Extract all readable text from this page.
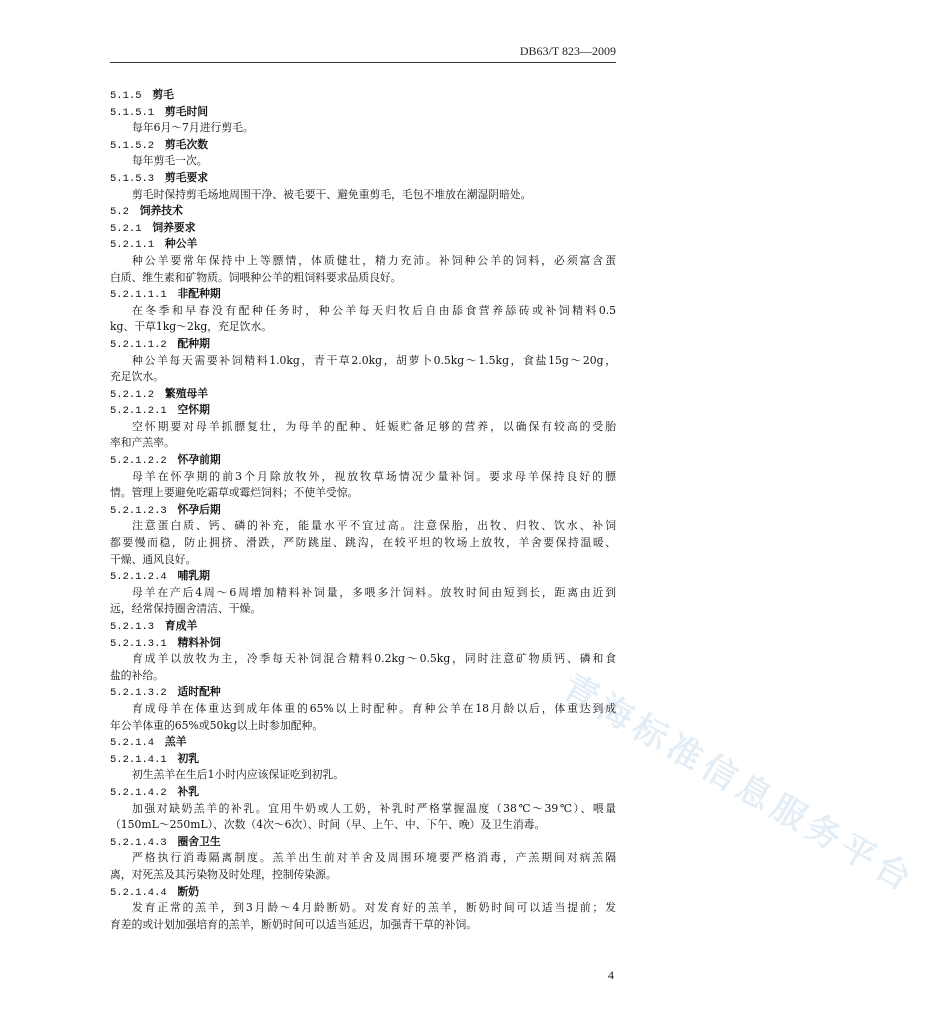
DB63/T 823—2009
青海标准信息服务平台
5.1.5　 剪毛
5.1.5.1　 剪毛时间
每年6月～7月进行剪毛。
5.1.5.2　 剪毛次数
每年剪毛一次。
5.1.5.3　 剪毛要求
剪毛时保持剪毛场地周围干净、被毛要干、避免重剪毛，毛包不堆放在潮湿阴暗处。
5.2　 饲养技术
5.2.1　 饲养要求
5.2.1.1　 种公羊
种公羊要常年保持中上等膘情，体质健壮，精力充沛。补饲种公羊的饲料，必须富含蛋
白质、维生素和矿物质。饲喂种公羊的粗饲料要求品质良好。
5.2.1.1.1　 非配种期
在冬季和早春没有配种任务时，种公羊每天归牧后自由舔食营养舔砖或补饲精料0.5
kg、干草1kg～2kg，充足饮水。
5.2.1.1.2　 配种期
种公羊每天需要补饲精料1.0kg，青干草2.0kg，胡萝卜0.5kg～1.5kg，食盐15g～20g，
充足饮水。
5.2.1.2　 繁殖母羊
5.2.1.2.1　 空怀期
空怀期要对母羊抓膘复壮，为母羊的配种、妊娠贮备足够的营养，以确保有较高的受胎
率和产羔率。
5.2.1.2.2　 怀孕前期
母羊在怀孕期的前3个月除放牧外，视放牧草场情况少量补饲。要求母羊保持良好的膘
情。管理上要避免吃霜草或霉烂饲料；不使羊受惊。
5.2.1.2.3　 怀孕后期
注意蛋白质、钙、磷的补充，能量水平不宜过高。注意保胎，出牧、归牧、饮水、补饲
都要慢而稳，防止拥挤、滑跌，严防跳崖、跳沟，在较平坦的牧场上放牧，羊舍要保持温暖、
干燥、通风良好。
5.2.1.2.4　 哺乳期
母羊在产后4周～6周增加精料补饲量，多喂多汁饲料。放牧时间由短到长，距离由近到
远，经常保持圈舍清洁、干燥。
5.2.1.3　 育成羊
5.2.1.3.1　 精料补饲
育成羊以放牧为主，冷季每天补饲混合精料0.2kg～0.5kg，同时注意矿物质钙、磷和食
盐的补给。
5.2.1.3.2　 适时配种
育成母羊在体重达到成年体重的65%以上时配种。育种公羊在18月龄以后，体重达到成
年公羊体重的65%或50kg以上时参加配种。
5.2.1.4　 羔羊
5.2.1.4.1　 初乳
初生羔羊在生后1小时内应该保证吃到初乳。
5.2.1.4.2　 补乳
加强对缺奶羔羊的补乳。宜用牛奶或人工奶，补乳时严格掌握温度（38℃～39℃）、喂量
（150mL～250mL）、次数（4次～6次）、时间（早、上午、中、下午、晚）及卫生消毒。
5.2.1.4.3　 圈舍卫生
严格执行消毒隔离制度。羔羊出生前对羊舍及周围环境要严格消毒，产羔期间对病羔隔
离，对死羔及其污染物及时处理，控制传染源。
5.2.1.4.4　 断奶
发育正常的羔羊，到3月龄～4月龄断奶。对发育好的羔羊，断奶时间可以适当提前；发
育差的或计划加强培育的羔羊，断奶时间可以适当延迟，加强青干草的补饲。
4
